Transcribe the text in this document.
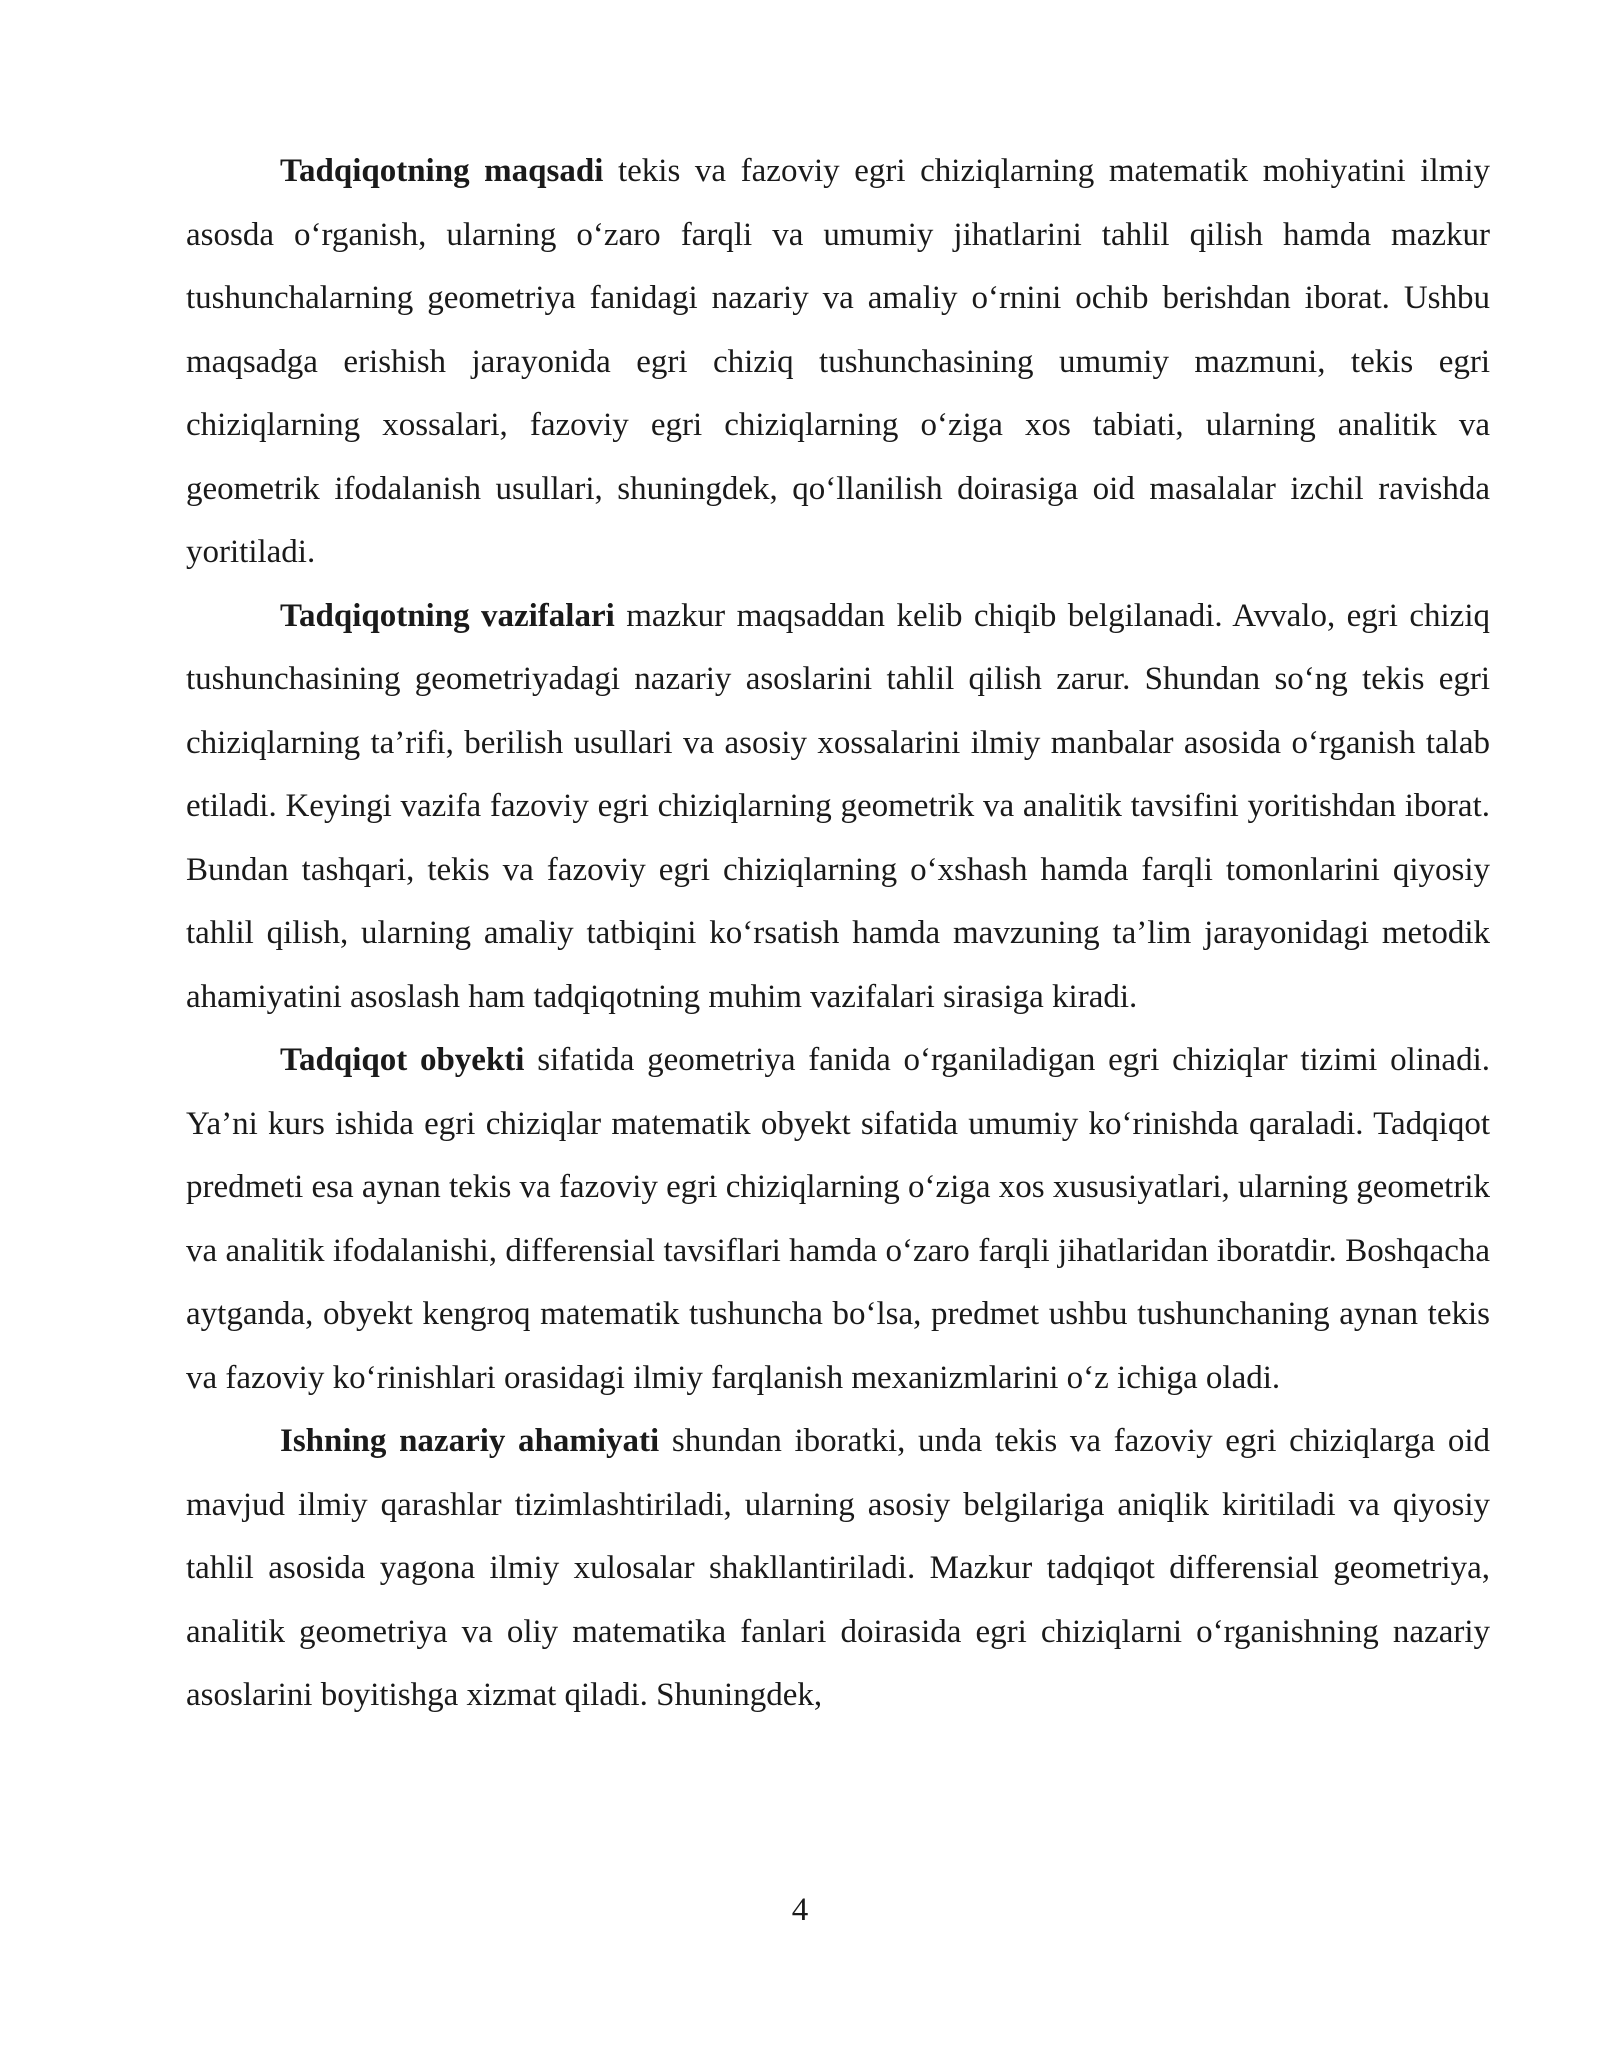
Tadqiqotning maqsadi tekis va fazoviy egri chiziqlarning matematik mohiyatini ilmiy asosda o‘rganish, ularning o‘zaro farqli va umumiy jihatlarini tahlil qilish hamda mazkur tushunchalarning geometriya fanidagi nazariy va amaliy o‘rnini ochib berishdan iborat. Ushbu maqsadga erishish jarayonida egri chiziq tushunchasining umumiy mazmuni, tekis egri chiziqlarning xossalari, fazoviy egri chiziqlarning o‘ziga xos tabiati, ularning analitik va geometrik ifodalanish usullari, shuningdek, qo‘llanilish doirasiga oid masalalar izchil ravishda yoritiladi.

Tadqiqotning vazifalari mazkur maqsaddan kelib chiqib belgilanadi. Avvalo, egri chiziq tushunchasining geometriyadagi nazariy asoslarini tahlil qilish zarur. Shundan so‘ng tekis egri chiziqlarning ta’rifi, berilish usullari va asosiy xossalarini ilmiy manbalar asosida o‘rganish talab etiladi. Keyingi vazifa fazoviy egri chiziqlarning geometrik va analitik tavsifini yoritishdan iborat. Bundan tashqari, tekis va fazoviy egri chiziqlarning o‘xshash hamda farqli tomonlarini qiyosiy tahlil qilish, ularning amaliy tatbiqini ko‘rsatish hamda mavzuning ta’lim jarayonidagi metodik ahamiyatini asoslash ham tadqiqotning muhim vazifalari sirasiga kiradi.

Tadqiqot obyekti sifatida geometriya fanida o‘rganiladigan egri chiziqlar tizimi olinadi. Ya’ni kurs ishida egri chiziqlar matematik obyekt sifatida umumiy ko‘rinishda qaraladi. Tadqiqot predmeti esa aynan tekis va fazoviy egri chiziqlarning o‘ziga xos xususiyatlari, ularning geometrik va analitik ifodalanishi, differensial tavsiflari hamda o‘zaro farqli jihatlaridan iboratdir. Boshqacha aytganda, obyekt kengroq matematik tushuncha bo‘lsa, predmet ushbu tushunchaning aynan tekis va fazoviy ko‘rinishlari orasidagi ilmiy farqlanish mexanizmlarini o‘z ichiga oladi.

Ishning nazariy ahamiyati shundan iboratki, unda tekis va fazoviy egri chiziqlarga oid mavjud ilmiy qarashlar tizimlashtiriladi, ularning asosiy belgilariga aniqlik kiritiladi va qiyosiy tahlil asosida yagona ilmiy xulosalar shakllantiriladi. Mazkur tadqiqot differensial geometriya, analitik geometriya va oliy matematika fanlari doirasida egri chiziqlarni o‘rganishning nazariy asoslarini boyitishga xizmat qiladi. Shuningdek,

4
